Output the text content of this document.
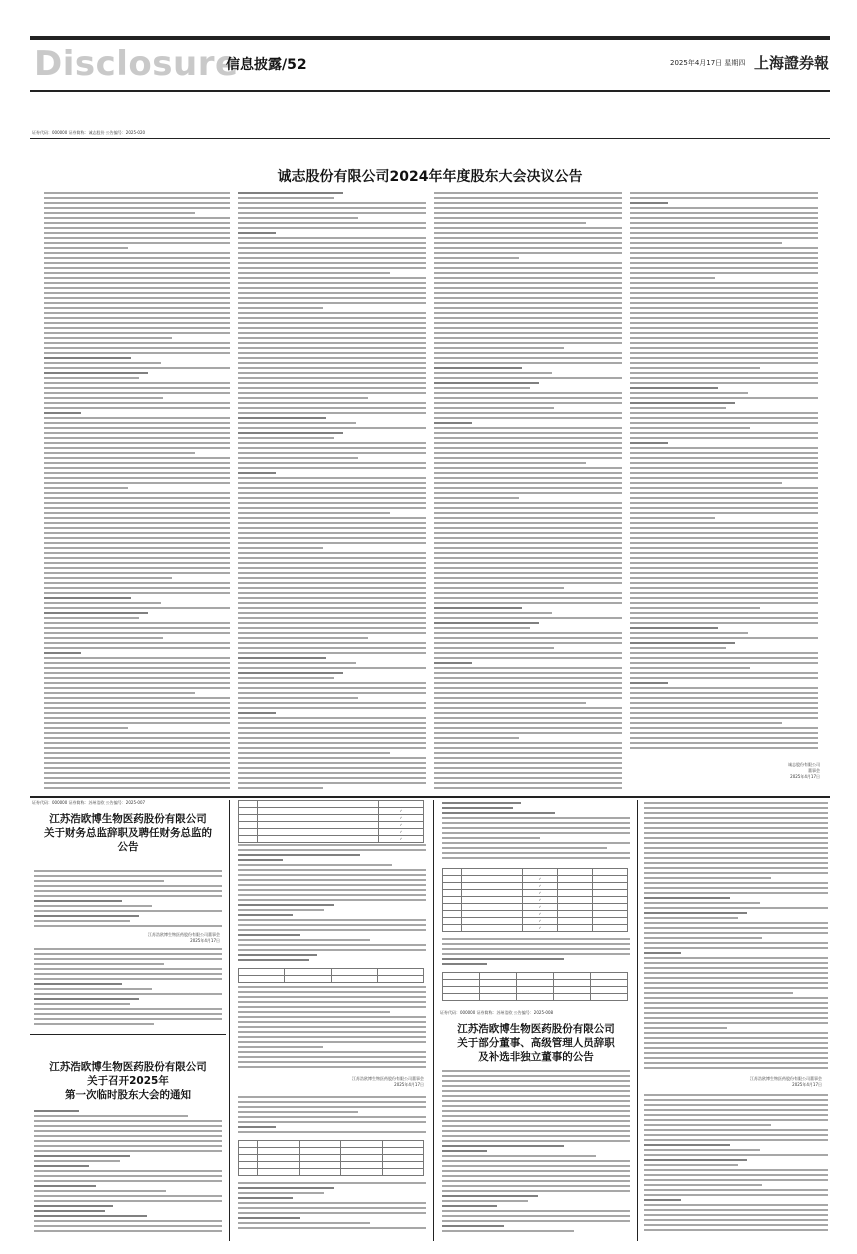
Disclosure
信息披露/52	2025年4月17日 星期四 上海證券報
证券代码：000000 证券简称：诚志股份 公告编号：2025-020
诚志股份有限公司2024年年度股东大会决议公告
诚志股份有限公司
董事会
2025年4月17日
证券代码：000000 证券简称：苏州浩欧 公告编号：2025-007
江苏浩欧博生物医药股份有限公司
关于财务总监辞职及聘任财务总监的
公告
江苏浩欧博生物医药股份有限公司董事会
2025年4月17日
江苏浩欧博生物医药股份有限公司
关于召开2025年
第一次临时股东大会的通知

		✓
		✓
		✓
		✓
		✓

江苏浩欧博生物医药股份有限公司董事会
2025年4月17日

		✓		
		✓		
		✓		
		✓		
		✓		
		✓		
		✓		
		✓		

证券代码：000000 证券简称：苏州浩欧 公告编号：2025-008
江苏浩欧博生物医药股份有限公司
关于部分董事、高级管理人员辞职
及补选非独立董事的公告
江苏浩欧博生物医药股份有限公司董事会
2025年4月17日
